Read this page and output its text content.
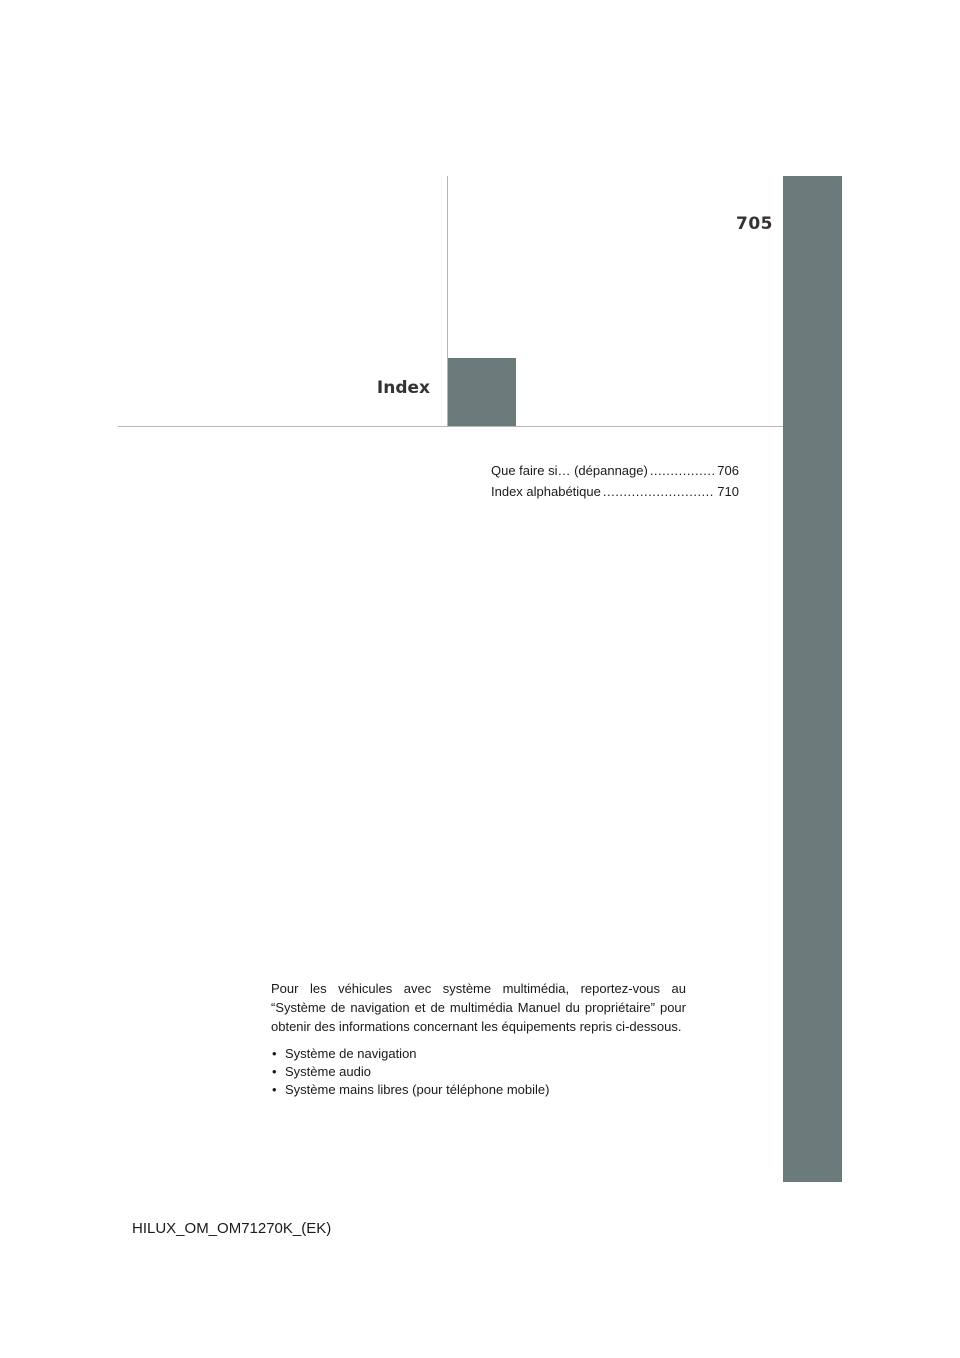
705
Index
Que faire si… (dépannage) .....	706
Index alphabétique .....	710

Pour les véhicules avec système multimédia, reportez-vous au “Système de navigation et de multimédia Manuel du propriétaire” pour obtenir des informations concernant les équipements repris ci-dessous.

• Système de navigation
• Système audio
• Système mains libres (pour téléphone mobile)
HILUX_OM_OM71270K_(EK)
